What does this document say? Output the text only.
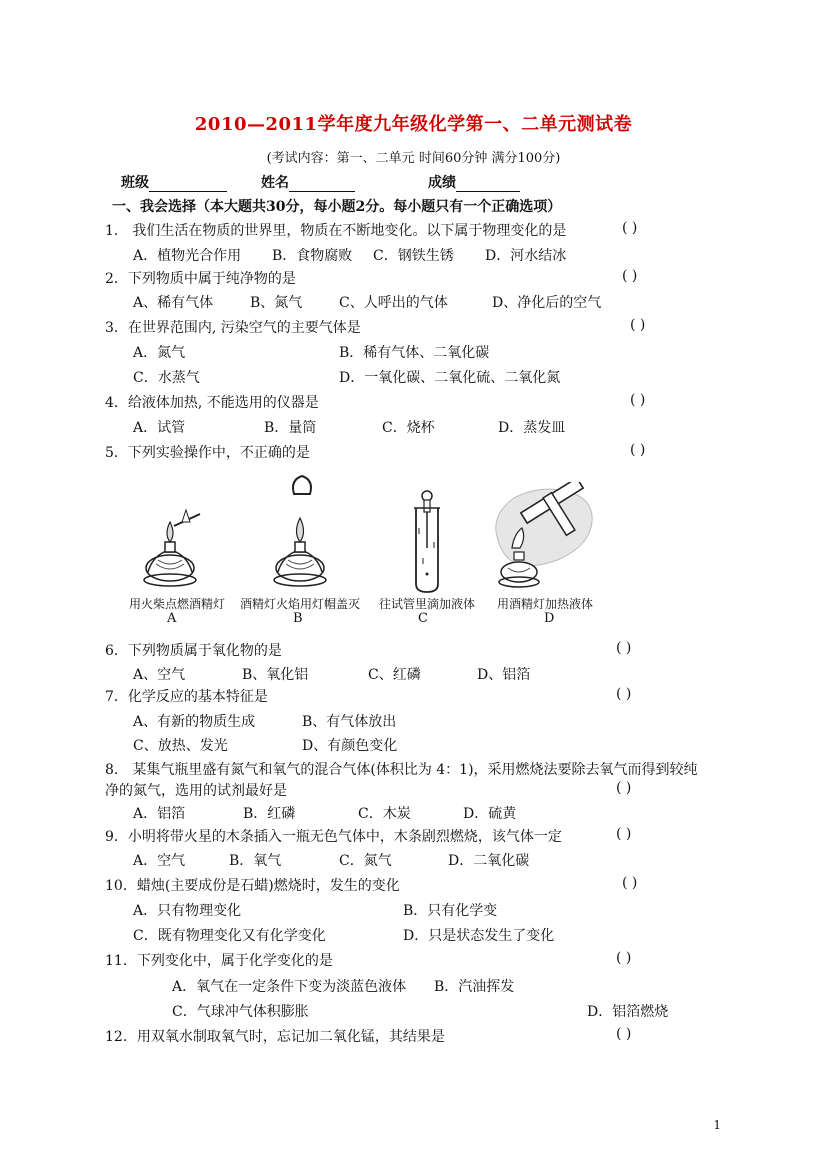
2010—2011学年度九年级化学第一、二单元测试卷
(考试内容：第一、二单元 时间60分钟 满分100分)
班级	姓名	成绩
一、我会选择（本大题共30分，每小题2分。每小题只有一个正确选项）
1． 我们生活在物质的世界里，物质在不断地变化。以下属于物理变化的是	( )
A．植物光合作用 B．食物腐败 C．钢铁生锈 D．河水结冰
2．下列物质中属于纯净物的是	( )
A、稀有气体	B、氮气	C、人呼出的气体	D、净化后的空气
3．在世界范围内, 污染空气的主要气体是	( )
A．氮气	B．稀有气体、二氧化碳
C．水蒸气	D．一氧化碳、二氧化硫、二氧化氮
4．给液体加热, 不能选用的仪器是	( )
A．试管	B．量筒	C．烧杯	D．蒸发皿
5．下列实验操作中，不正确的是	( )
用火柴点燃酒精灯
A
酒精灯火焰用灯帽盖灭
B
往试管里滴加液体
C
用酒精灯加热液体
D
6．下列物质属于氧化物的是	( )
A、空气	B、氧化铝	C、红磷	D、铝箔
7．化学反应的基本特征是	( )
A、有新的物质生成	B、有气体放出
C、放热、发光	D、有颜色变化
8． 某集气瓶里盛有氮气和氧气的混合气体(体积比为 4：1)，采用燃烧法要除去氧气而得到较纯
净的氮气，选用的试剂最好是	( )
A．铝箔	B．红磷	C．木炭	D．硫黄
9．小明将带火星的木条插入一瓶无色气体中，木条剧烈燃烧，该气体一定	( )
A．空气	B．氧气	C．氮气	D．二氧化碳
10．蜡烛(主要成份是石蜡)燃烧时，发生的变化	( )
A．只有物理变化	B．只有化学变
C．既有物理变化又有化学变化	D．只是状态发生了变化
11．下列变化中，属于化学变化的是	( )
A．氧气在一定条件下变为淡蓝色液体 B．汽油挥发
C．气球冲气体积膨胀	D．铝箔燃烧
12．用双氧水制取氧气时，忘记加二氧化锰，其结果是	( )
1
